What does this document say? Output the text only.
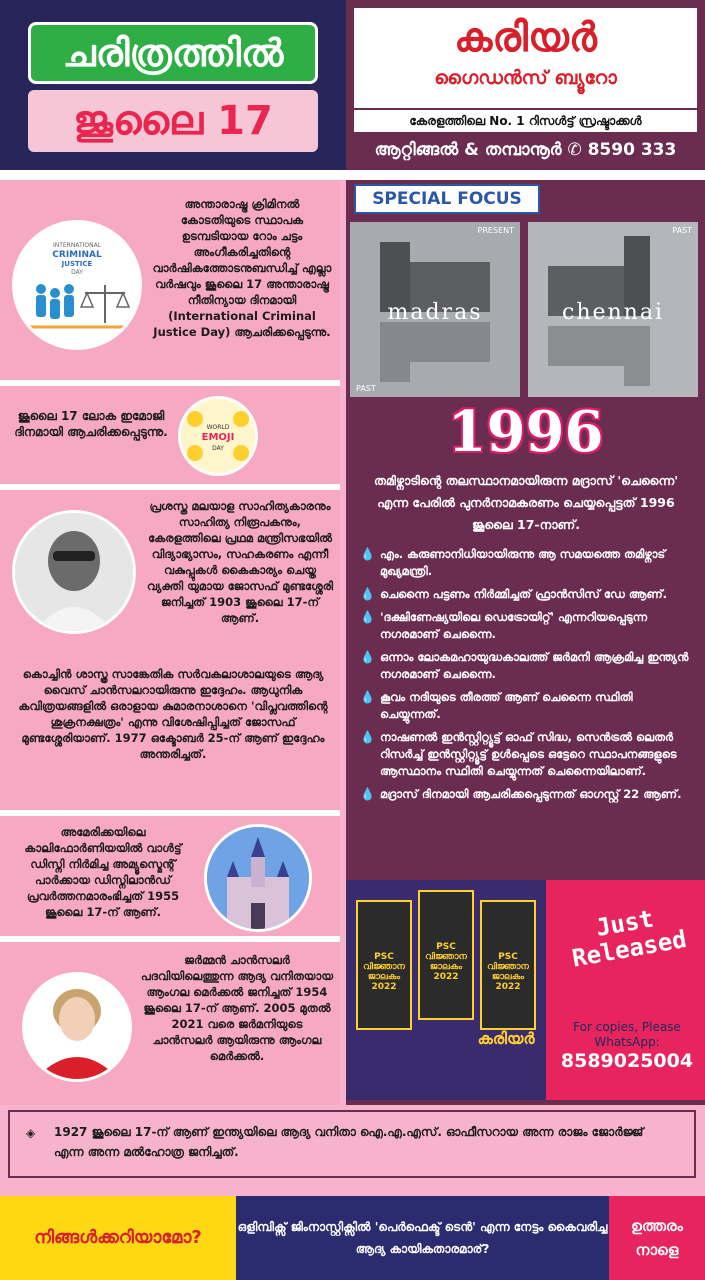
ചരിത്രത്തിൽ
ജൂലൈ 17
കരിയർ
ഗൈഡൻസ് ബ്യൂറോ
കേരളത്തിലെ No. 1 റിസൾട്ട് സ്രഷ്ടാക്കൾ
ആറ്റിങ്ങൽ & തമ്പാനൂർ ✆ 8590 333
INTERNATIONAL
CRIMINAL
JUSTICE
DAY
അന്താരാഷ്ട്ര ക്രിമിനൽ കോടതിയുടെ സ്ഥാപക ഉടമ്പടിയായ റോം ചട്ടം അംഗീകരിച്ചതിന്റെ വാർഷികത്തോടനുബന്ധിച്ച് എല്ലാ വർഷവും ജൂലൈ 17 അന്താരാഷ്ട്ര നീതിന്യായ ദിനമായി (International Criminal Justice Day) ആചരിക്കപ്പെടുന്നു.
ജൂലൈ 17 ലോക ഇമോജി ദിനമായി ആചരിക്കപ്പെടുന്നു.	WORLD
EMOJI
DAY
പ്രശസ്ത മലയാള സാഹിത്യകാരനും സാഹിത്യ നിരൂപകനും, കേരളത്തിലെ പ്രഥമ മന്ത്രിസഭയിൽ വിദ്യാഭ്യാസം, സഹകരണം എന്നീ വകുപ്പുകൾ കൈകാര്യം ചെയ്ത വ്യക്തി യുമായ ജോസഫ് മുണ്ടശ്ശേരി ജനിച്ചത് 1903 ജൂലൈ 17-ന് ആണ്.
കൊച്ചിൻ ശാസ്ത്ര സാങ്കേതിക സർവകലാശാലയുടെ ആദ്യ വൈസ് ചാൻസലറായിരുന്നു ഇദ്ദേഹം. ആധുനിക കവിത്രയങ്ങളിൽ ഒരാളായ കുമാരനാശാനെ 'വിപ്ലവത്തിന്റെ ശുക്രനക്ഷത്രം' എന്നു വിശേഷിപ്പിച്ചത് ജോസഫ് മുണ്ടശ്ശേരിയാണ്. 1977 ഒക്ടോബർ 25-ന് ആണ് ഇദ്ദേഹം അന്തരിച്ചത്.
അമേരിക്കയിലെ കാലിഫോർണിയയിൽ വാൾട്ട് ഡിസ്നി നിർമിച്ച അമ്യൂസ്മെന്റ് പാർക്കായ ഡിസ്നിലാൻഡ് പ്രവർത്തനമാരംഭിച്ചത് 1955 ജൂലൈ 17-ന് ആണ്.
ജർമ്മൻ ചാൻസലർ പദവിയിലെത്തുന്ന ആദ്യ വനിതയായ ആംഗല മെർക്കൽ ജനിച്ചത് 1954 ജൂലൈ 17-ന് ആണ്. 2005 മുതൽ 2021 വരെ ജർമനിയുടെ ചാൻസലർ ആയിരുന്നു ആംഗല മെർക്കൽ.
SPECIAL FOCUS
madras
PRESENT
PAST
chennai
PAST
1996
തമിഴ്നാടിന്റെ തലസ്ഥാനമായിരുന്ന മദ്രാസ് 'ചെന്നൈ' എന്ന പേരിൽ പുനർനാമകരണം ചെയ്യപ്പെട്ടത് 1996 ജൂലൈ 17-നാണ്.
💧 എം. കരുണാനിധിയായിരുന്നു ആ സമയത്തെ തമിഴ്നാട് മുഖ്യമന്ത്രി.
💧 ചെന്നൈ പട്ടണം നിർമ്മിച്ചത് ഫ്രാൻസിസ് ഡേ ആണ്.
💧 'ദക്ഷിണേഷ്യയിലെ ഡെട്രോയിറ്റ്' എന്നറിയപ്പെടുന്ന നഗരമാണ് ചെന്നൈ.
💧 ഒന്നാം ലോകമഹായുദ്ധകാലത്ത് ജർമനി ആക്രമിച്ച ഇന്ത്യൻ നഗരമാണ് ചെന്നൈ.
💧 കൂവം നദിയുടെ തീരത്ത് ആണ് ചെന്നൈ സ്ഥിതി ചെയ്യുന്നത്.
💧 നാഷണൽ ഇൻസ്റ്റിറ്റ്യൂട്ട് ഓഫ് സിദ്ധ, സെൻട്രൽ ലെതർ റിസർച്ച് ഇൻസ്റ്റിറ്റ്യൂട്ട് ഉൾപ്പെടെ ഒട്ടേറെ സ്ഥാപനങ്ങളുടെ ആസ്ഥാനം സ്ഥിതി ചെയ്യുന്നത് ചെന്നൈയിലാണ്.
💧 മദ്രാസ് ദിനമായി ആചരിക്കപ്പെടുന്നത് ഓഗസ്റ്റ് 22 ആണ്.
PSC വിജ്ഞാന ജാലകം 2022
PSC വിജ്ഞാന ജാലകം 2022
PSC വിജ്ഞാന ജാലകം 2022
കരിയർ
Just Released
For copies, Please WhatsApp:
8589025004
◈ 1927 ജൂലൈ 17-ന് ആണ് ഇന്ത്യയിലെ ആദ്യ വനിതാ ഐ.എ.എസ്. ഓഫീസറായ അന്ന രാജം ജോർജ്ജ് എന്ന അന്ന മൽഹോത്ര ജനിച്ചത്.
നിങ്ങൾക്കറിയാമോ?	ഒളിമ്പിക്സ് ജിംനാസ്റ്റിക്സിൽ 'പെർഫെക്ട് ടെൻ' എന്ന നേട്ടം കൈവരിച്ച ആദ്യ കായികതാരമാര്?
ഉത്തരം നാളെ
